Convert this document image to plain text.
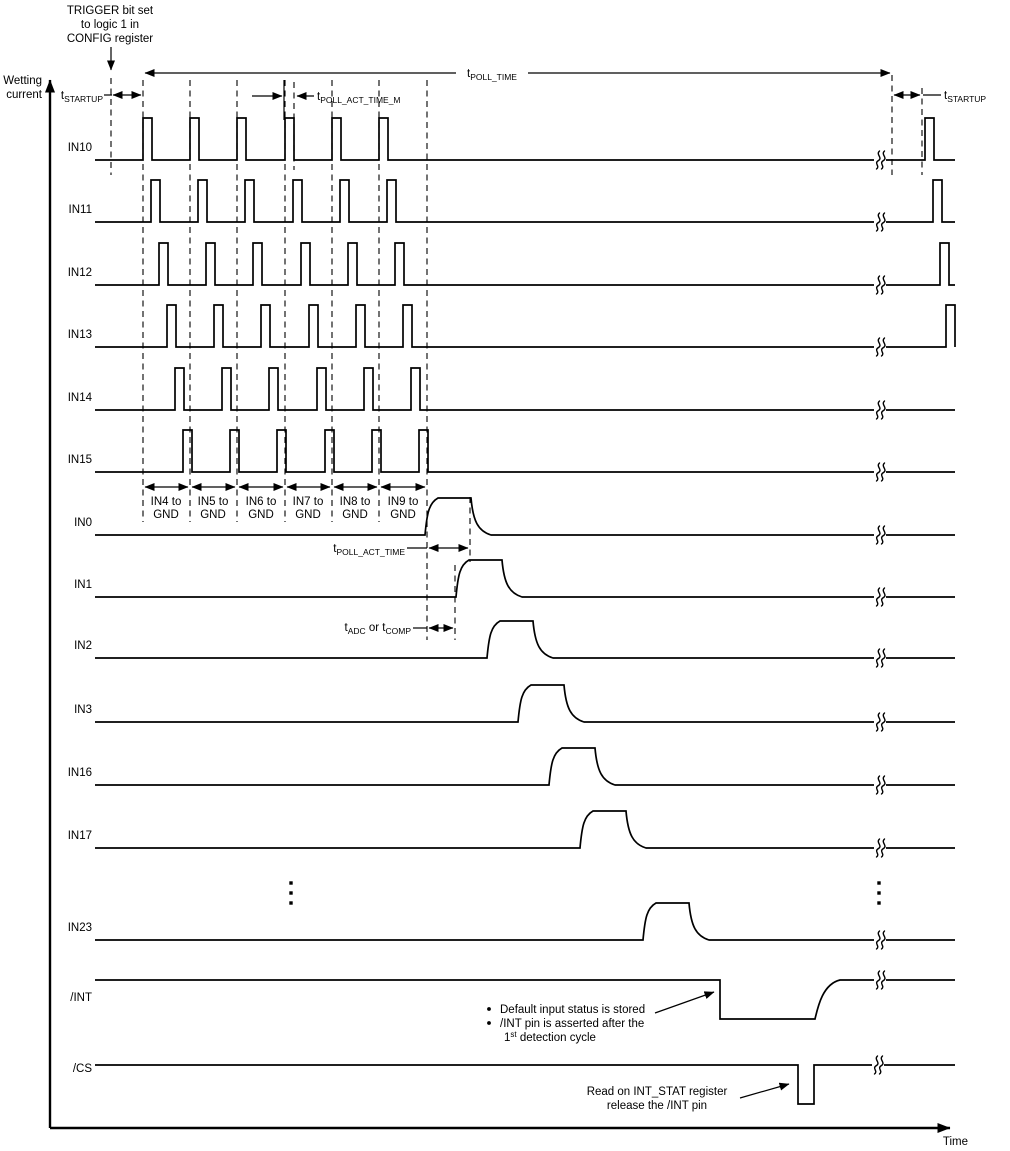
$t_{STARTUP}$
$t_{POLL\_TIME}$
$t_{POLL\_ACT\_TIME\_M}$
$t_{POLL\_ACT\_TIME}$
$t_{ADC}$ or $t_{COMP}$
$t_{STARTUP}$
IN10
IN11
IN12
IN13
IN14
IN15
IN0
IN1
IN2
IN3
IN16
IN17
IN23
/INT
/CS
IN4 to
GND
IN5 to
GND
IN6 to
GND
IN7 to
GND
IN8 to
GND
IN9 to
GND
TRIGGER bit set
to logic 1 in
CONFIG register
Default input status is stored
/INT pin is asserted after the
1st detection cycle
Read on INT_STAT register
release the /INT pin
Wetting
current
Time
